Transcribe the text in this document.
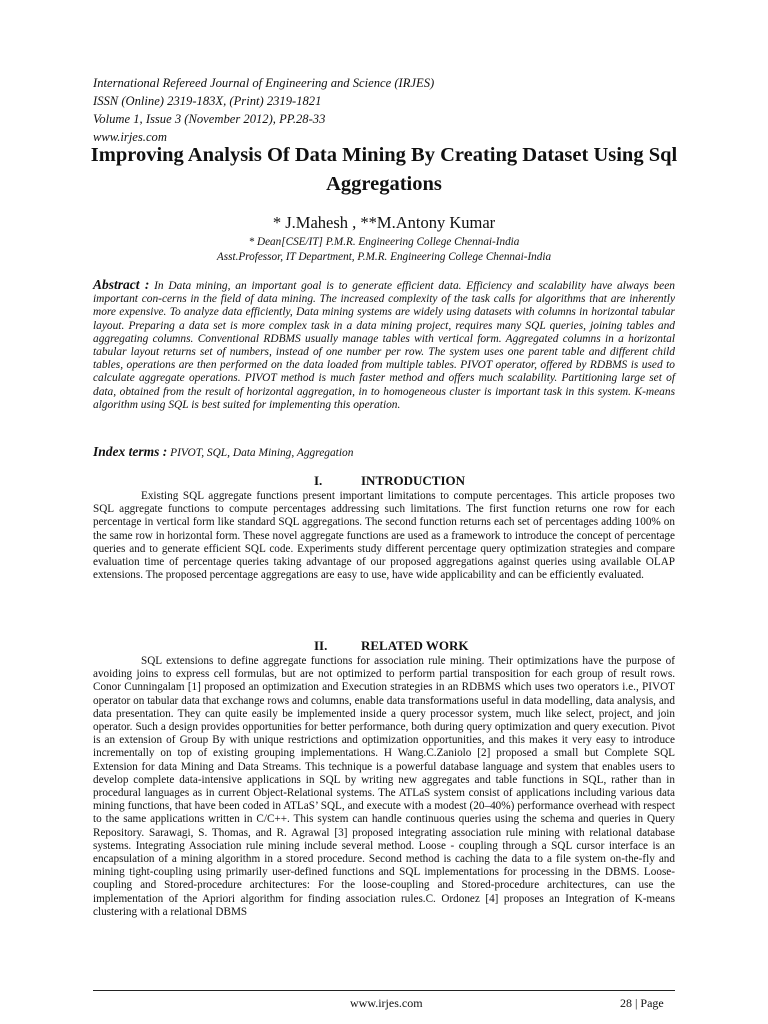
International Refereed Journal of Engineering and Science (IRJES)
ISSN (Online) 2319-183X, (Print) 2319-1821
Volume 1, Issue 3 (November 2012), PP.28-33
www.irjes.com
Improving Analysis Of Data Mining By Creating Dataset Using Sql Aggregations
* J.Mahesh , **M.Antony Kumar
* Dean[CSE/IT] P.M.R. Engineering College Chennai-India
Asst.Professor, IT Department, P.M.R. Engineering College Chennai-India
Abstract : In Data mining, an important goal is to generate efficient data. Efficiency and scalability have always been important con-cerns in the field of data mining. The increased complexity of the task calls for algorithms that are inherently more expensive. To analyze data efficiently, Data mining systems are widely using datasets with columns in horizontal tabular layout. Preparing a data set is more complex task in a data mining project, requires many SQL queries, joining tables and aggregating columns. Conventional RDBMS usually manage tables with vertical form. Aggregated columns in a horizontal tabular layout returns set of numbers, instead of one number per row. The system uses one parent table and different child tables, operations are then performed on the data loaded from multiple tables. PIVOT operator, offered by RDBMS is used to calculate aggregate operations. PIVOT method is much faster method and offers much scalability. Partitioning large set of data, obtained from the result of horizontal aggregation, in to homogeneous cluster is important task in this system. K-means algorithm using SQL is best suited for implementing this operation.
Index terms : PIVOT, SQL, Data Mining, Aggregation
I.	INTRODUCTION
Existing SQL aggregate functions present important limitations to compute percentages. This article proposes two SQL aggregate functions to compute percentages addressing such limitations. The first function returns one row for each percentage in vertical form like standard SQL aggregations. The second function returns each set of percentages adding 100% on the same row in horizontal form. These novel aggregate functions are used as a framework to introduce the concept of percentage queries and to generate efficient SQL code. Experiments study different percentage query optimization strategies and compare evaluation time of percentage queries taking advantage of our proposed aggregations against queries using available OLAP extensions. The proposed percentage aggregations are easy to use, have wide applicability and can be efficiently evaluated.
II.	RELATED WORK
SQL extensions to define aggregate functions for association rule mining. Their optimizations have the purpose of avoiding joins to express cell formulas, but are not optimized to perform partial transposition for each group of result rows. Conor Cunningalam [1] proposed an optimization and Execution strategies in an RDBMS which uses two operators i.e., PIVOT operator on tabular data that exchange rows and columns, enable data transformations useful in data modelling, data analysis, and data presentation. They can quite easily be implemented inside a query processor system, much like select, project, and join operator. Such a design provides opportunities for better performance, both during query optimization and query execution. Pivot is an extension of Group By with unique restrictions and optimization opportunities, and this makes it very easy to introduce incrementally on top of existing grouping implementations. H Wang.C.Zaniolo [2] proposed a small but Complete SQL Extension for data Mining and Data Streams. This technique is a powerful database language and system that enables users to develop complete data-intensive applications in SQL by writing new aggregates and table functions in SQL, rather than in procedural languages as in current Object-Relational systems. The ATLaS system consist of applications including various data mining functions, that have been coded in ATLaS’ SQL, and execute with a modest (20–40%) performance overhead with respect to the same applications written in C/C++. This system can handle continuous queries using the schema and queries in Query Repository. Sarawagi, S. Thomas, and R. Agrawal [3] proposed integrating association rule mining with relational database systems. Integrating Association rule mining include several method. Loose - coupling through a SQL cursor interface is an encapsulation of a mining algorithm in a stored procedure. Second method is caching the data to a file system on-the-fly and mining tight-coupling using primarily user-defined functions and SQL implementations for processing in the DBMS. Loose-coupling and Stored-procedure architectures: For the loose-coupling and Stored-procedure architectures, can use the implementation of the Apriori algorithm for finding association rules.C. Ordonez [4] proposes an Integration of K-means clustering with a relational DBMS
www.irjes.com	28 | Page
